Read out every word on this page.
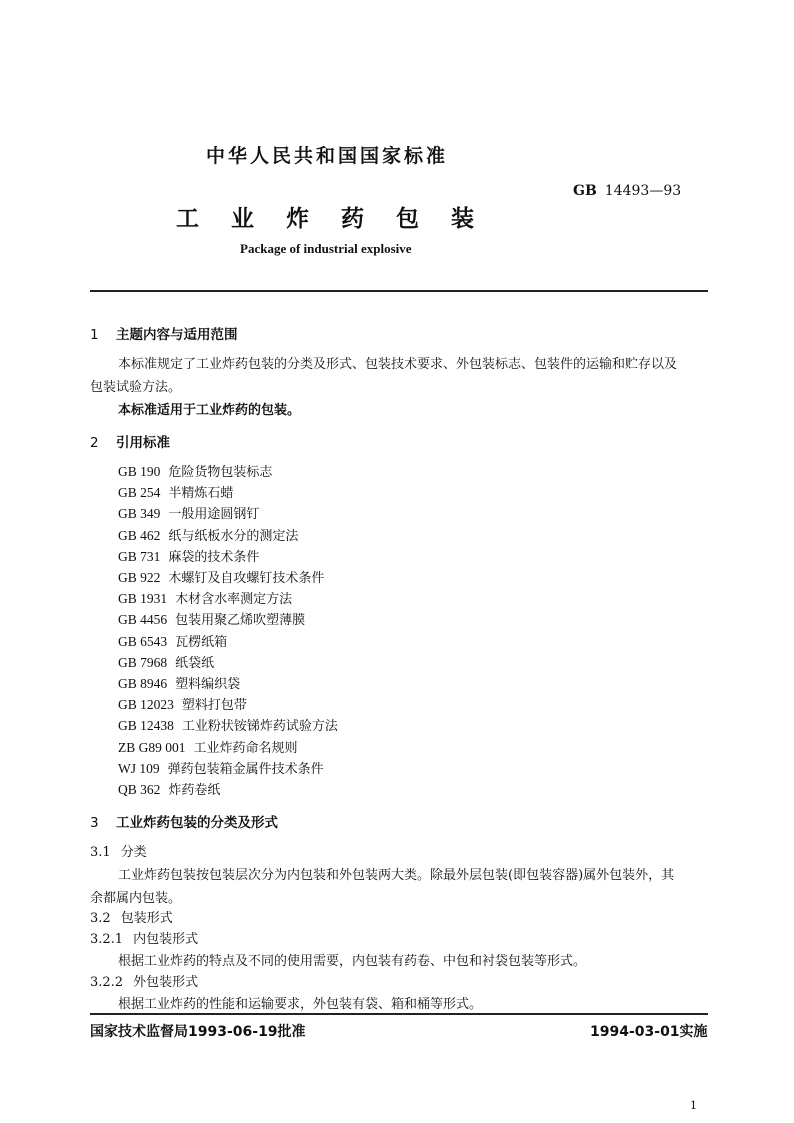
中华人民共和国国家标准
GB 14493—93
工业炸药包装
Package of industrial explosive
1 主题内容与适用范围
本标准规定了工业炸药包装的分类及形式、包装技术要求、外包装标志、包装件的运输和贮存以及
包装试验方法。
本标准适用于工业炸药的包装。
2 引用标准
GB 190 危险货物包装标志
GB 254 半精炼石蜡
GB 349 一般用途圆钢钉
GB 462 纸与纸板水分的测定法
GB 731 麻袋的技术条件
GB 922 木螺钉及自攻螺钉技术条件
GB 1931 木材含水率测定方法
GB 4456 包装用聚乙烯吹塑薄膜
GB 6543 瓦楞纸箱
GB 7968 纸袋纸
GB 8946 塑料编织袋
GB 12023 塑料打包带
GB 12438 工业粉状铵锑炸药试验方法
ZB G89 001 工业炸药命名规则
WJ 109 弹药包装箱金属件技术条件
QB 362 炸药卷纸
3 工业炸药包装的分类及形式
3.1 分类
工业炸药包装按包装层次分为内包装和外包装两大类。除最外层包装(即包装容器)属外包装外，其
余都属内包装。
3.2 包装形式
3.2.1 内包装形式
根据工业炸药的特点及不同的使用需要，内包装有药卷、中包和衬袋包装等形式。
3.2.2 外包装形式
根据工业炸药的性能和运输要求，外包装有袋、箱和桶等形式。
国家技术监督局1993-06-19批准	1994-03-01实施
1
